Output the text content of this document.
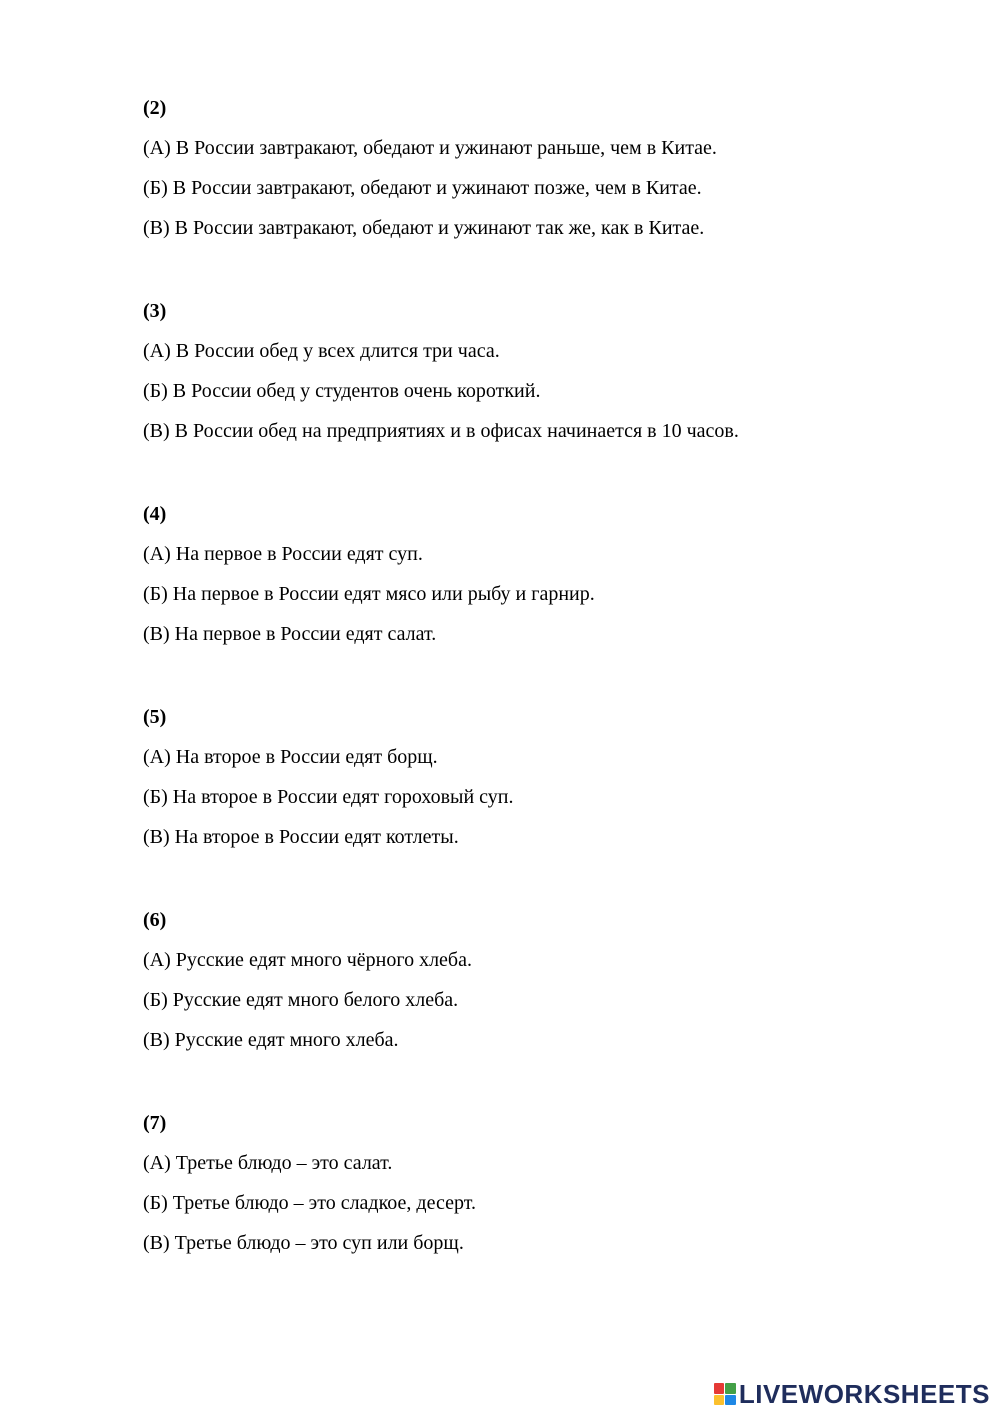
(2)
(А) В России завтракают, обедают и ужинают раньше, чем в Китае.
(Б) В России завтракают, обедают и ужинают позже, чем в Китае.
(В) В России завтракают, обедают и ужинают так же, как в Китае.
(3)
(А) В России обед у всех длится три часа.
(Б) В России обед у студентов очень короткий.
(В) В России обед на предприятиях и в офисах начинается в 10 часов.
(4)
(А) На первое в России едят суп.
(Б) На первое в России едят мясо или рыбу и гарнир.
(В) На первое в России едят салат.
(5)
(А) На второе в России едят борщ.
(Б) На второе в России едят гороховый суп.
(В) На второе в России едят котлеты.
(6)
(А) Русские едят много чёрного хлеба.
(Б) Русские едят много белого хлеба.
(В) Русские едят много хлеба.
(7)
(А) Третье блюдо – это салат.
(Б) Третье блюдо – это сладкое, десерт.
(В) Третье блюдо – это суп или борщ.
LIVEWORKSHEETS
